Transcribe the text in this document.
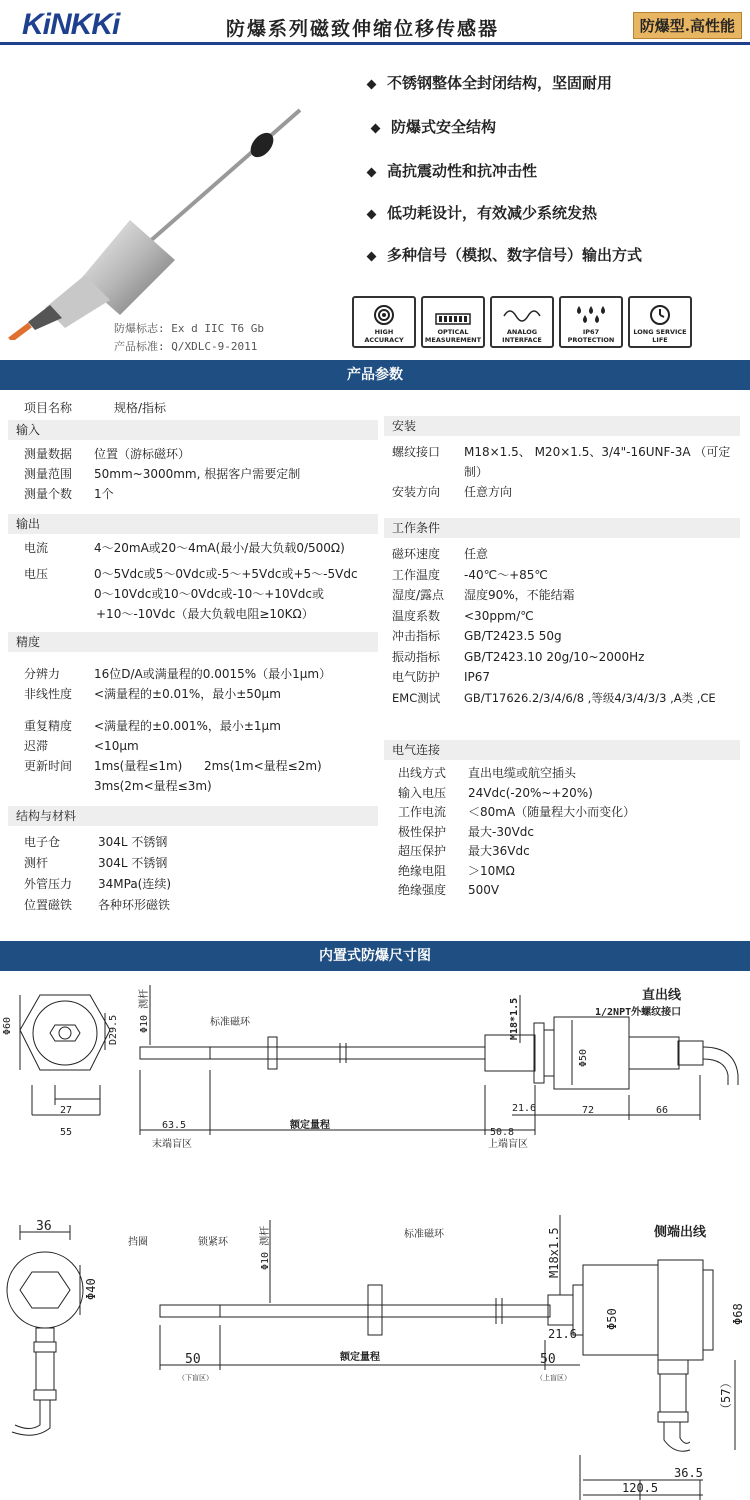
KiNKKi	防爆系列磁致伸缩位移传感器	防爆型.高性能
不锈钢整体全封闭结构，坚固耐用
防爆式安全结构
高抗震动性和抗冲击性
低功耗设计，有效减少系统发热
多种信号（模拟、数字信号）输出方式
防爆标志: Ex d IIC T6 Gb
产品标准: Q/XDLC-9-2011
HIGH
ACCURACY
OPTICAL
MEASUREMENT
ANALOG
INTERFACE
IP67
PROTECTION
LONG SERVICE
LIFE
产品参数
项目名称	规格/指标
输入
测量数据	位置（游标磁环）
测量范围	50mm~3000mm, 根据客户需要定制
测量个数	1个
输出
电流	4～20mA或20～4mA(最小/最大负载0/500Ω)
电压	0～5Vdc或5～0Vdc或-5～+5Vdc或+5～-5Vdc
0～10Vdc或10～0Vdc或-10～+10Vdc或
+10～-10Vdc（最大负载电阻≥10KΩ）
精度
分辨力	16位D/A或满量程的0.0015%（最小1μm）
非线性度	<满量程的±0.01%，最小±50μm
重复精度	<满量程的±0.001%，最小±1μm
迟滞	<10μm
更新时间	1ms(量程≤1m)	2ms(1m<量程≤2m)
3ms(2m<量程≤3m)
结构与材料
电子仓	304L 不锈钢
测杆	304L 不锈钢
外管压力	34MPa(连续)
位置磁铁	各种环形磁铁
安装
螺纹接口	M18×1.5、 M20×1.5、3/4"-16UNF-3A （可定制）
安装方向	任意方向
工作条件
磁环速度	任意
工作温度	-40℃～+85℃
湿度/露点	湿度90%，不能结霜
温度系数	<30ppm/℃
冲击指标	GB/T2423.5 50g
振动指标	GB/T2423.10 20g/10~2000Hz
电气防护	IP67
EMC测试	GB/T17626.2/3/4/6/8 ,等级4/3/4/3/3 ,A类 ,CE
电气连接
出线方式	直出电缆或航空插头
输入电压	24Vdc(-20%~+20%)
工作电流	＜80mA（随量程大小而变化）
极性保护	最大-30Vdc
超压保护	最大36Vdc
绝缘电阻	＞10MΩ
绝缘强度	500V
内置式防爆尺寸图
Φ60	D29.5
27
55
Φ10 测杆	标准磁环	M18*1.5
Φ50
直出线
1/2NPT外螺纹接口
63.5	额定量程
50.8
21.6	72	66
末端盲区	上端盲区
36
Φ40
挡圈	锁紧环	Φ10 测杆	标准磁环	M18x1.5	侧端出线
Φ50	Φ68
50
（下盲区）
额定量程	50
（上盲区）
21.6
（57）
36.5
120.5
